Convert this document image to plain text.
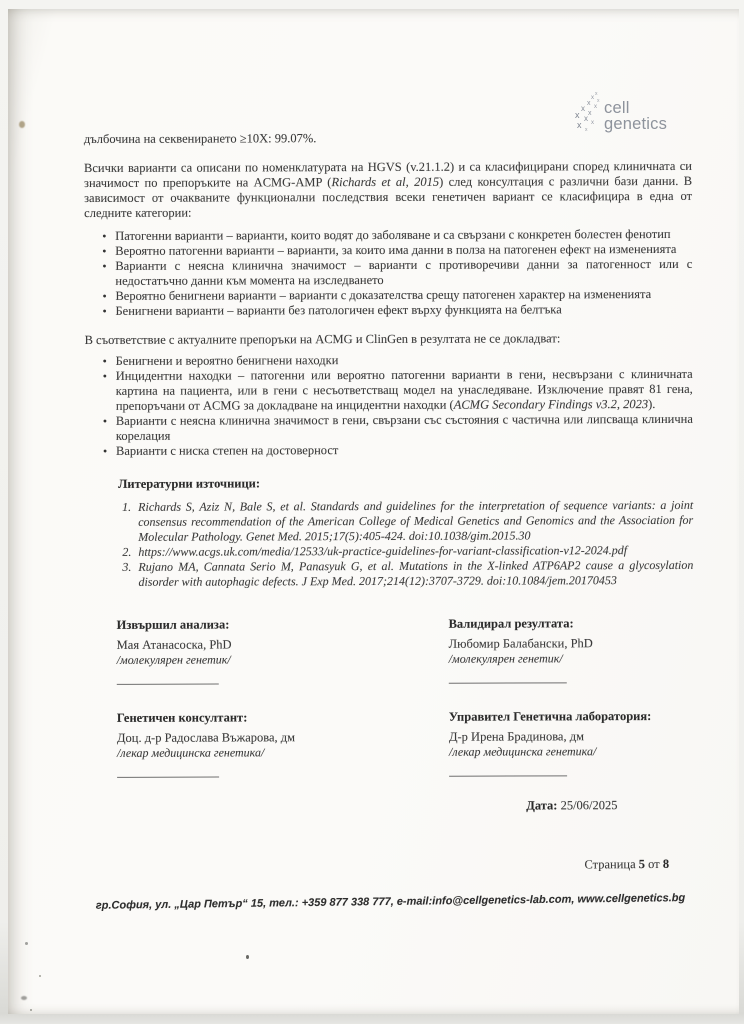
x
x x
x x
x
x
x x x
x x
cell
genetics

дълбочина на секвенирането ≥10X: 99.07%.

Всички варианти са описани по номенклатурата на HGVS (v.21.1.2) и са класифицирани според клиничната си значимост по препоръките на ACMG-AMP (Richards et al, 2015) след консултация с различни бази данни. В зависимост от очакваните функционални последствия всеки генетичен вариант се класифицира в една от следните категории:

• Патогенни варианти – варианти, които водят до заболяване и са свързани с конкретен болестен фенотип
• Вероятно патогенни варианти – варианти, за които има данни в полза на патогенен ефект на измененията
• Варианти с неясна клинична значимост – варианти с противоречиви данни за патогенност или с недостатъчно данни към момента на изследването
• Вероятно бенигнени варианти – варианти с доказателства срещу патогенен характер на измененията
• Бенигнени варианти – варианти без патологичен ефект върху функцията на белтъка

В съответствие с актуалните препоръки на ACMG и ClinGen в резултата не се докладват:

• Бенигнени и вероятно бенигнени находки
• Инцидентни находки – патогенни или вероятно патогенни варианти в гени, несвързани с клиничната картина на пациента, или в гени с несъответстващ модел на унаследяване. Изключение правят 81 гена, препоръчани от ACMG за докладване на инцидентни находки (ACMG Secondary Findings v3.2, 2023).
• Варианти с неясна клинична значимост в гени, свързани със състояния с частична или липсваща клинична корелация
• Варианти с ниска степен на достоверност
Литературни източници:
Richards S, Aziz N, Bale S, et al. Standards and guidelines for the interpretation of sequence variants: a joint consensus recommendation of the American College of Medical Genetics and Genomics and the Association for Molecular Pathology. Genet Med. 2015;17(5):405-424. doi:10.1038/gim.2015.30
https://www.acgs.uk.com/media/12533/uk-practice-guidelines-for-variant-classification-v12-2024.pdf
Rujano MA, Cannata Serio M, Panasyuk G, et al. Mutations in the X-linked ATP6AP2 cause a glycosylation disorder with autophagic defects. J Exp Med. 2017;214(12):3707-3729. doi:10.1084/jem.20170453
Извършил анализа:
Мая Атанасоска, PhD
/молекулярен генетик/
Валидирал резултата:
Любомир Балабански, PhD
/молекулярен генетик/
Генетичен консултант:
Доц. д-р Радослава Въжарова, дм
/лекар медицинска генетика/
Управител Генетична лаборатория:
Д-р Ирена Брадинова, дм
/лекар медицинска генетика/
Дата: 25/06/2025
Страница 5 от 8
гр.София, ул. „Цар Петър“ 15, тел.: +359 877 338 777, e-mail:info@cellgenetics-lab.com, www.cellgenetics.bg
